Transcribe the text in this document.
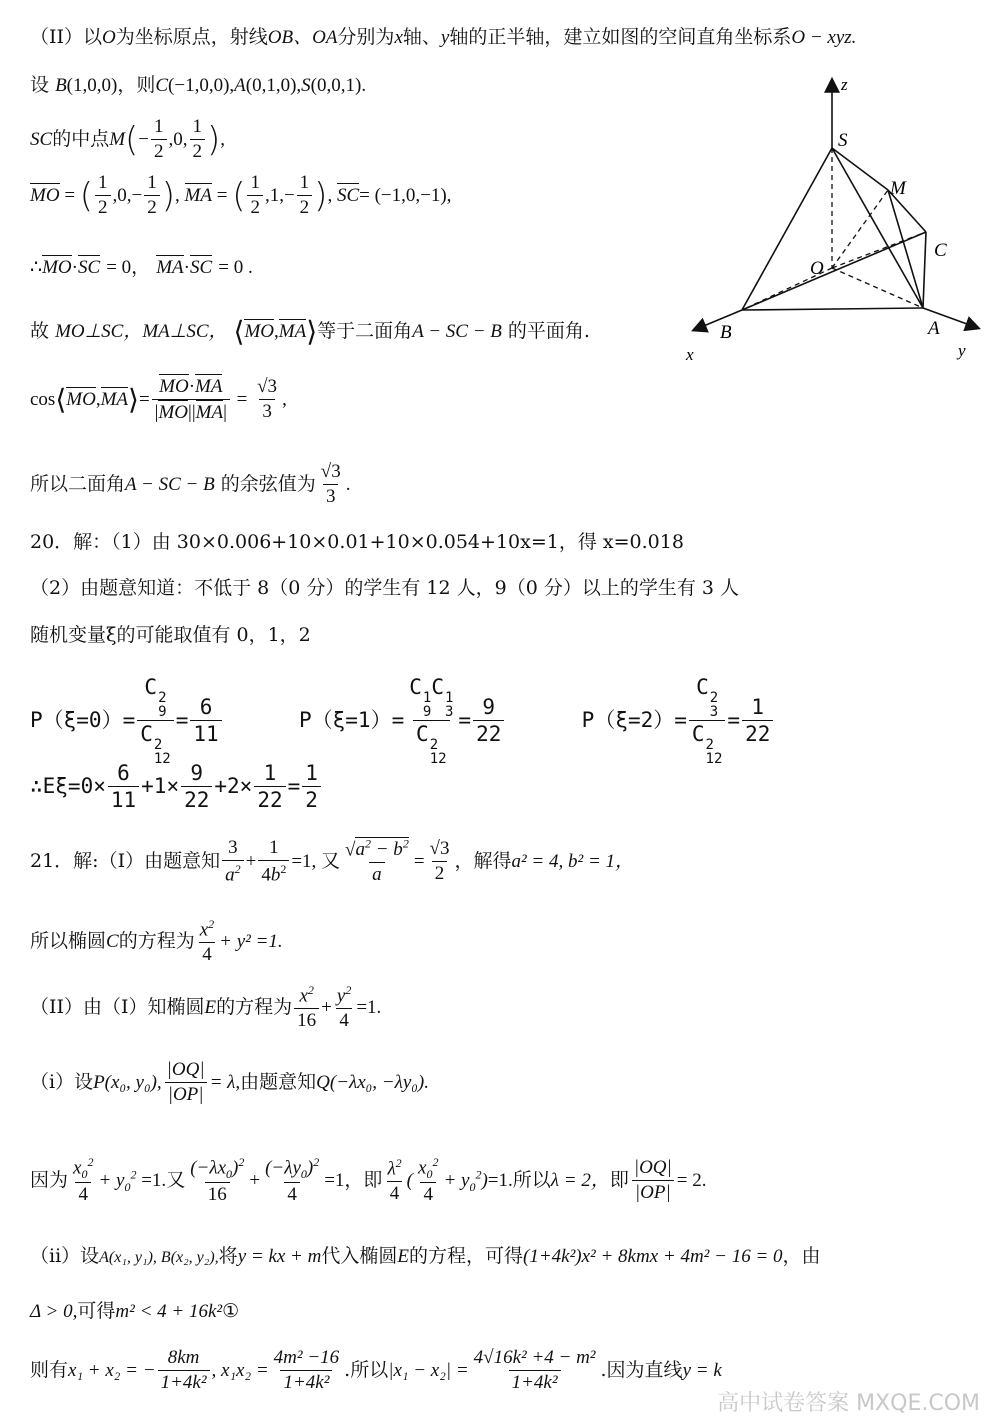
（II）以O为坐标原点，射线OB、OA分别为x轴、y轴的正半轴，建立如图的空间直角坐标系O − xyz.
设 B(1,0,0)，则C(−1,0,0),A(0,1,0),S(0,0,1).
SC的中点$M(- \frac{1}{2} ,0$, $\frac{1}{2}$ ),
MO = ( $\frac{1}{2} ,0,- \frac{1}{2}$ ), MA = ( $\frac{1}{2} ,1,- \frac{1}{2}$ ), SC= (−1,0,−1),
∴MO·SC = 0， MA·SC = 0 .
故 MO⊥SC，MA⊥SC， ⟨MO,MA⟩等于二面角A − SC − B 的平面角.
cos⟨MO,MA⟩= $\frac{MO\cdot MA}{|MO||MA|} = \frac{√3}{3}$ ,
所以二面角A − SC − B 的余弦值为 $\frac{√3}{3}$ .
20．解：（1）由 30×0.006+10×0.01+10×0.054+10x=1，得 x=0.018
（2）由题意知道：不低于 8（0 分）的学生有 12 人，9（0 分）以上的学生有 3 人
随机变量ξ的可能取值有 0，1，2
P（ξ=0）= C 2
9
C 2
$12 = \frac{6}{11}$	P（ξ=1）= C 1
9
C 1
3
C 2
$12 = \frac{9}{22}$	P（ξ=2）= C 2
3
C 2
$12 = \frac{1}{22}$
∴Eξ=0× $\frac{6}{11} +1\times \frac{9}{22} +2\times \frac{1}{22} = \frac{1}{2}$
21．解:（I）由题意知 $\frac{3}{a^2} + \frac{1}{4b^2} =1$, 又 $\frac{√a^2 - b^2}{a} = \frac{√3}{2}$ ，解得a² = 4, b² = 1，
所以椭圆C的方程为 $\frac{x^2}{4} + y^2 =1$.
（II）由（I）知椭圆E的方程为 $\frac{x^2}{16} + \frac{y^2}{4} =1$.
（i）设P(x₀, y₀), $\frac{|OQ|}{|OP|} = \lambda$,由题意知Q(−λx₀, −λy₀).
因为 $\frac{x_0^2}{4} + y_0^2 =1$.又 $\frac{(-\lambda x_0)^2}{16} + \frac{(-\lambda y_0)^2}{4} =1$，即 $\frac{\lambda^2}{4}$ ( $\frac{x_0^2}{4} + y_0^2)=1$.所以λ = 2，即 $\frac{|OQ|}{|OP|} = 2$.
（ii）设A(x₁, y₁), B(x₂, y₂),将y = kx + m代入椭圆E的方程，可得(1+4k²)x² + 8kmx + 4m² − 16 = 0，由
Δ > 0,可得m² < 4 + 16k²①
则有x₁ + x₂ = − $\frac{8km}{\text{1+4k²}}$ , $x_1x_2 = \frac{\text{4m² −16}}{\text{1+4k²}}$ .所以$|x_1 - x_2| = \frac{\text{4√16k² +4 − m²}}{\text{1+4k²}}$ .因为直线y = k
z
S
M
C
O
B	A
x	y
高中试卷答案 MXQE.COM
